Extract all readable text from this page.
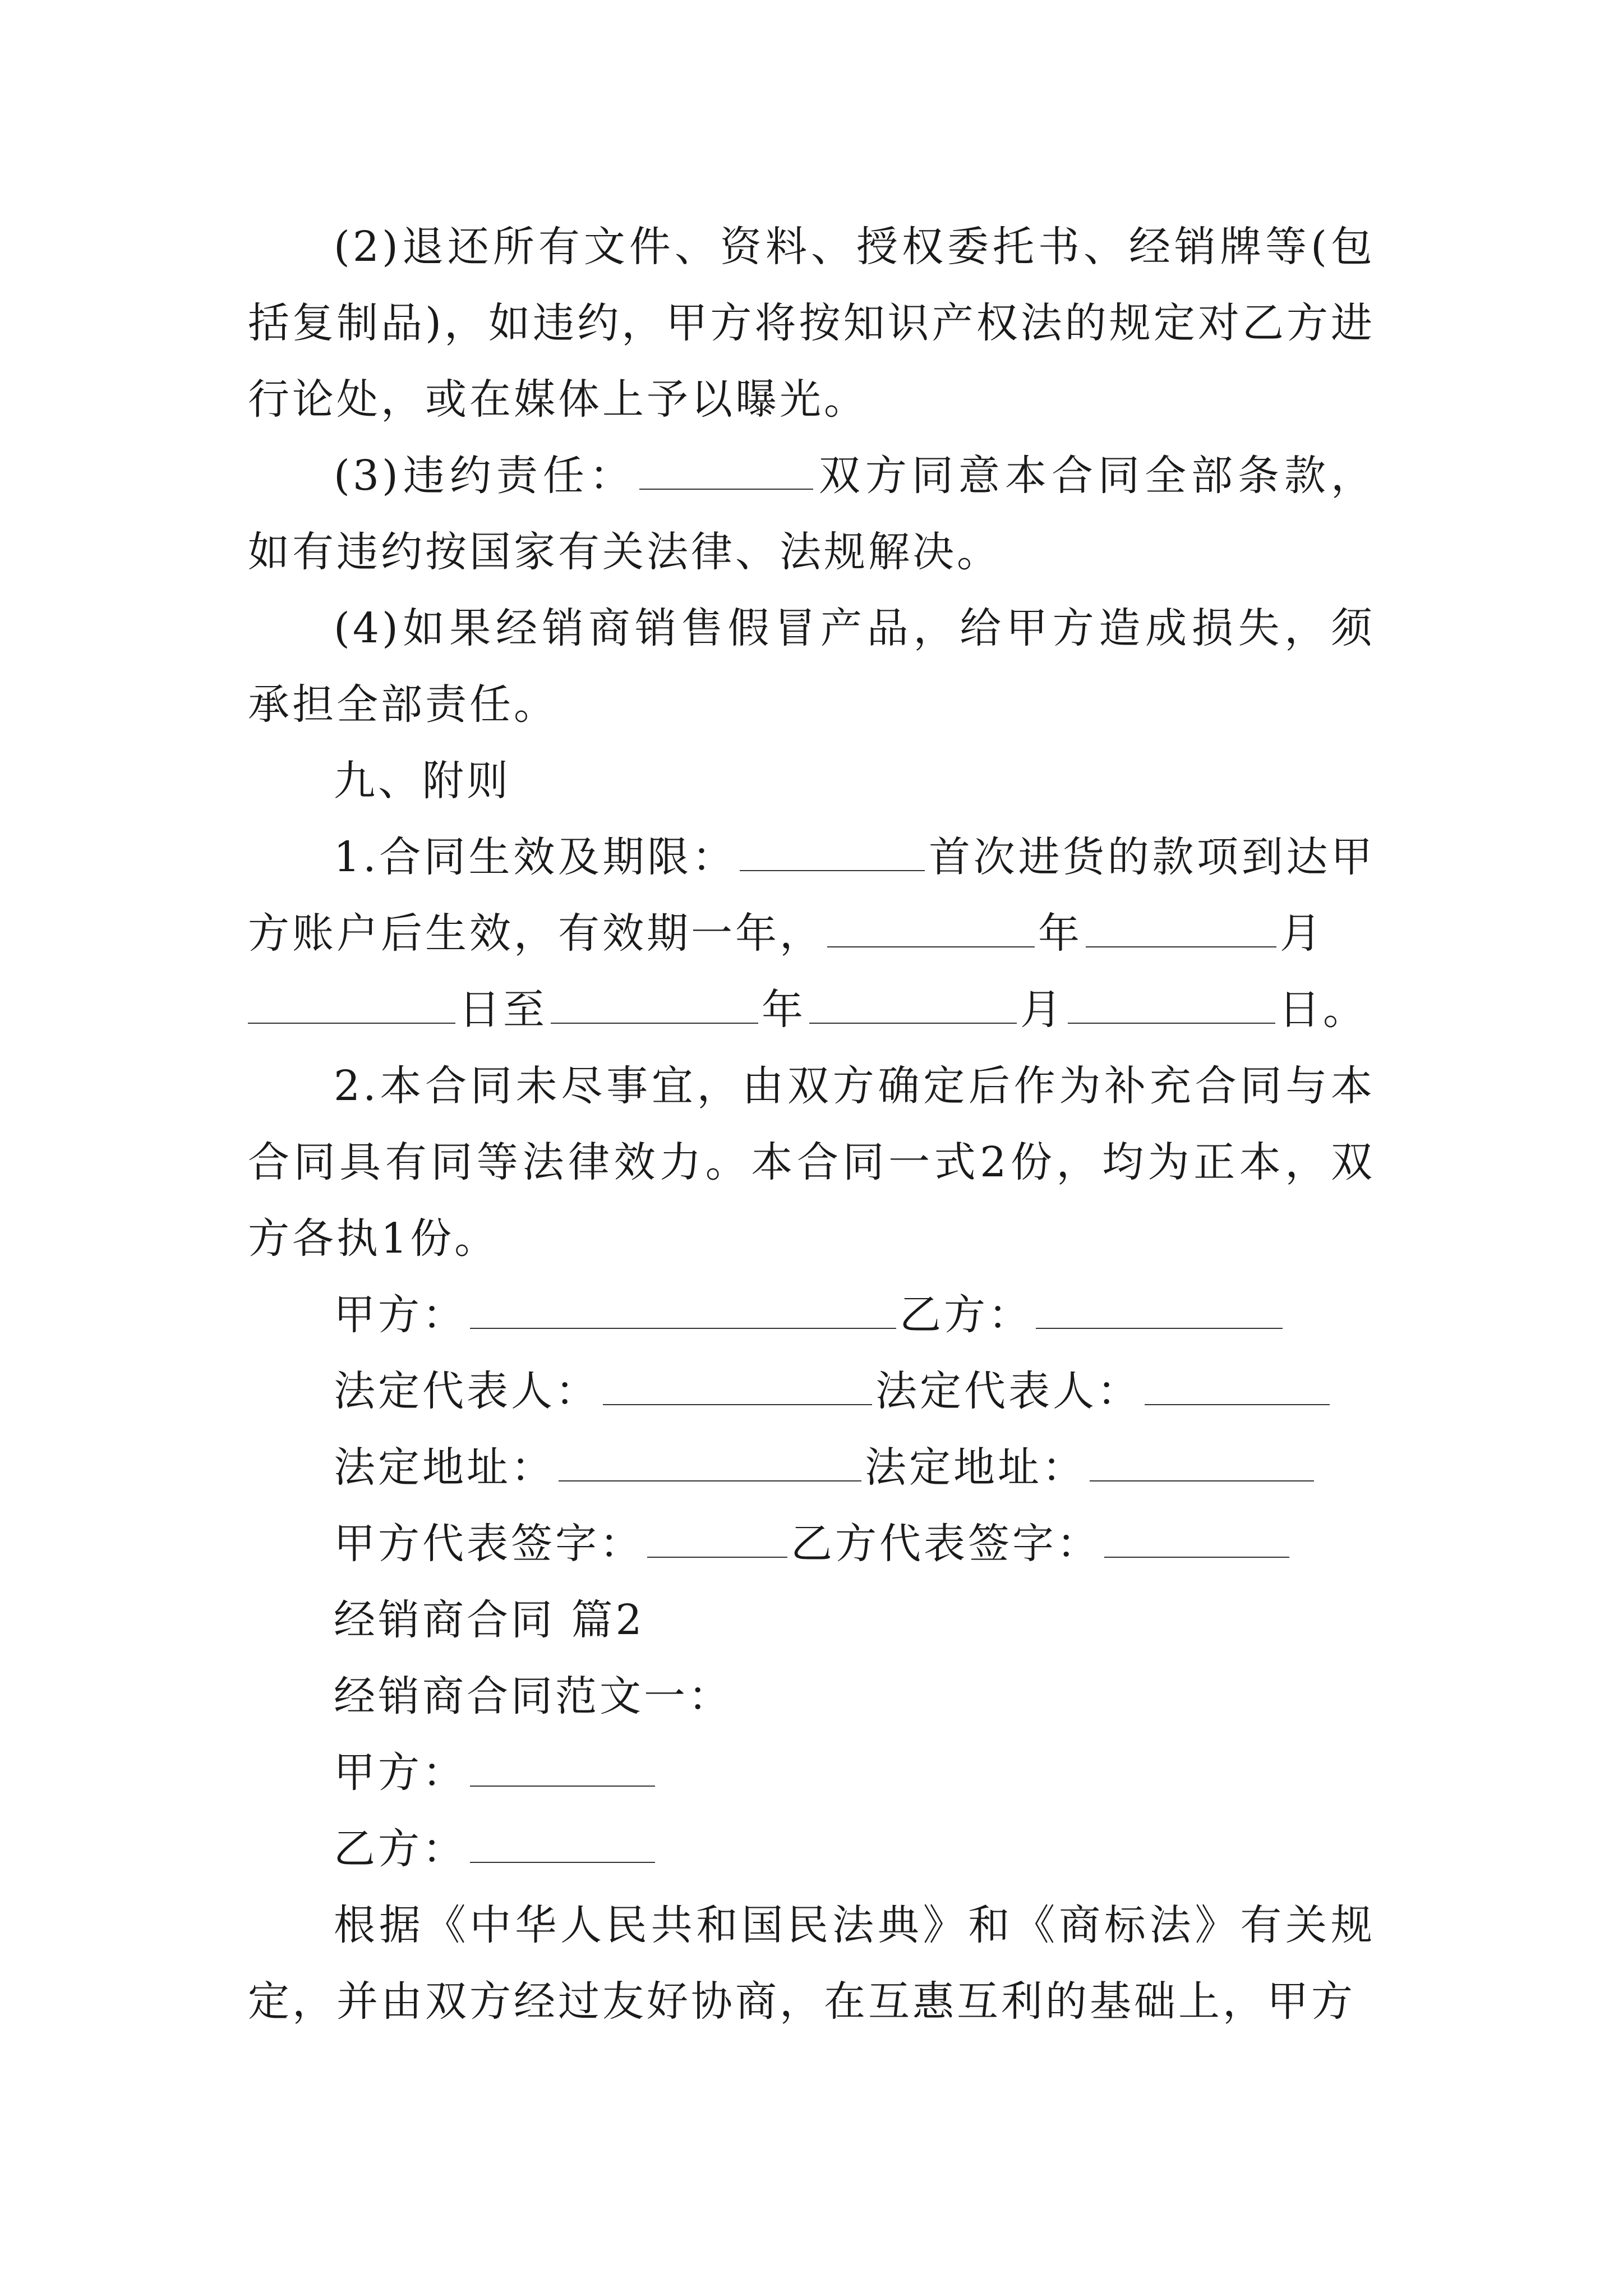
(2)退还所有文件、资料、授权委托书、经销牌等(包括复制品)，如违约，甲方将按知识产权法的规定对乙方进行论处，或在媒体上予以曝光。

(3)违约责任：	双方同意本合同全部条款，如有违约按国家有关法律、法规解决。

(4)如果经销商销售假冒产品，给甲方造成损失，须承担全部责任。

九、附则

1.合同生效及期限：	首次进货的款项到达甲方账户后生效，有效期一年，	年	月

日至	年	月	日。

2.本合同未尽事宜，由双方确定后作为补充合同与本合同具有同等法律效力。本合同一式2份，均为正本，双方各执1份。

甲方：	乙方：

法定代表人：	法定代表人：

法定地址：	法定地址：

甲方代表签字：	乙方代表签字：

经销商合同 篇2

经销商合同范文一：

甲方：

乙方：

根据《中华人民共和国民法典》和《商标法》有关规定，并由双方经过友好协商，在互惠互利的基础上，甲方
